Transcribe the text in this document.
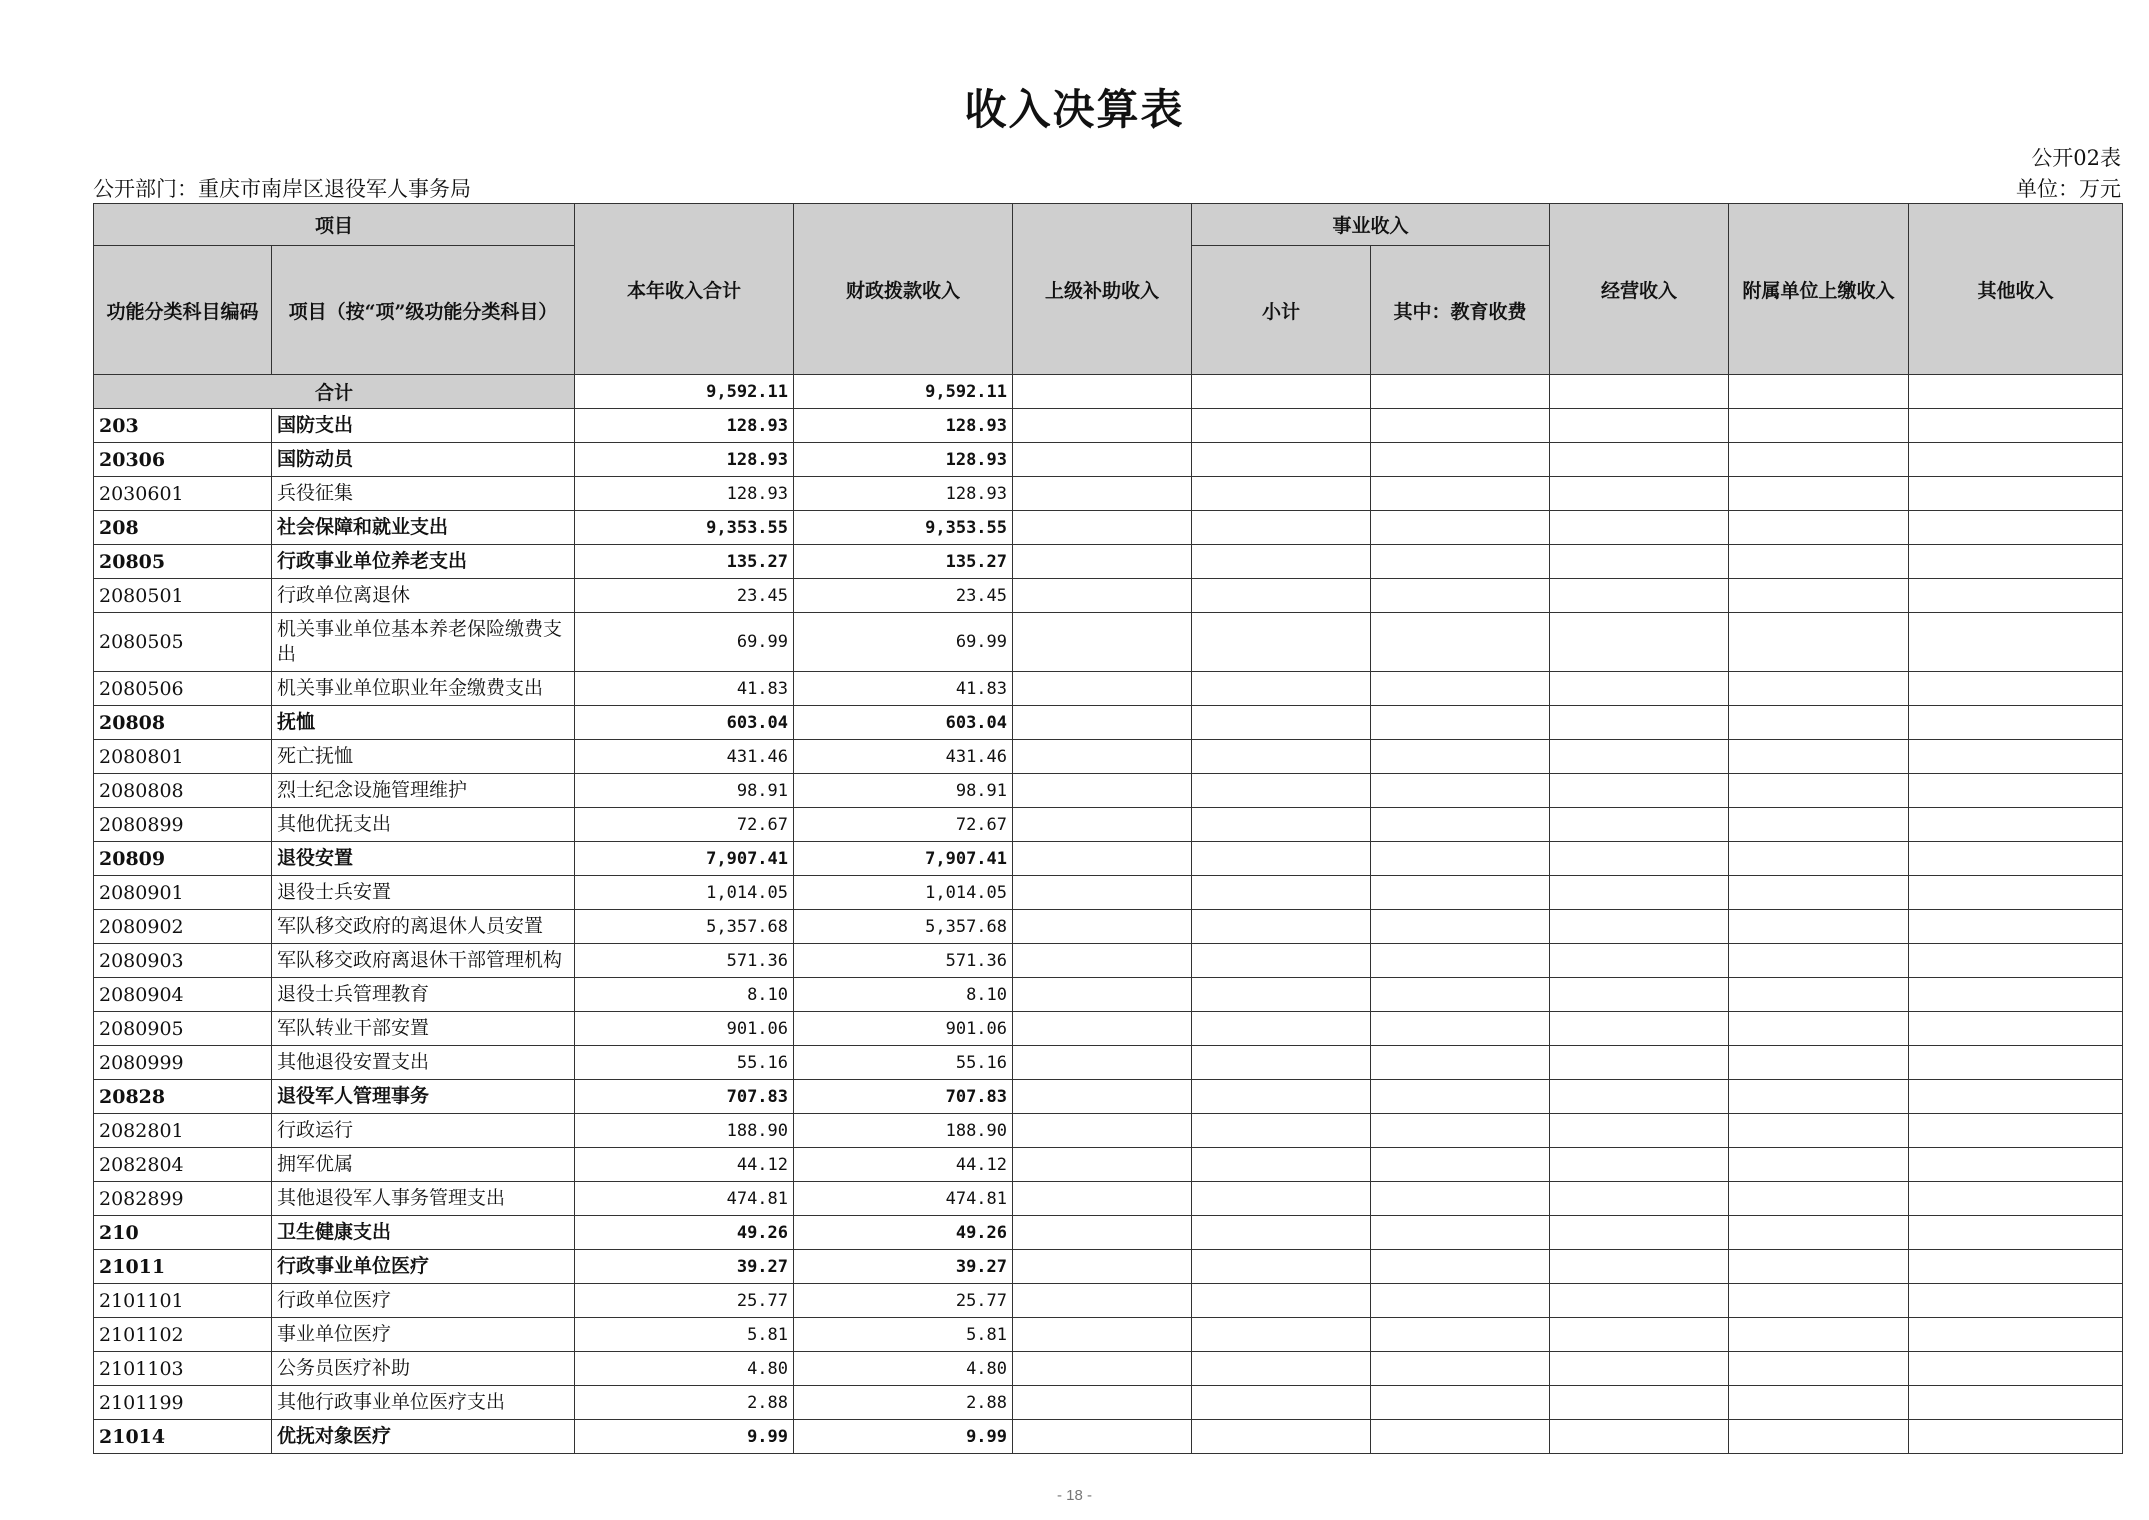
收入决算表
公开02表
公开部门：重庆市南岸区退役军人事务局	单位：万元
项目		本年收入合计	财政拨款收入	上级补助收入	事业收入		经营收入	附属单位上缴收入	其他收入
功能分类科目编码	项目（按“项”级功能分类科目）				小计	其中：教育收费			
合计		9,592.11	9,592.11						
203	国防支出	128.93	128.93						
20306	国防动员	128.93	128.93						
2030601	兵役征集	128.93	128.93						
208	社会保障和就业支出	9,353.55	9,353.55						
20805	行政事业单位养老支出	135.27	135.27						
2080501	行政单位离退休	23.45	23.45						
2080505	机关事业单位基本养老保险缴费支出	69.99	69.99						
2080506	机关事业单位职业年金缴费支出	41.83	41.83						
20808	抚恤	603.04	603.04						
2080801	死亡抚恤	431.46	431.46						
2080808	烈士纪念设施管理维护	98.91	98.91						
2080899	其他优抚支出	72.67	72.67						
20809	退役安置	7,907.41	7,907.41						
2080901	退役士兵安置	1,014.05	1,014.05						
2080902	军队移交政府的离退休人员安置	5,357.68	5,357.68						
2080903	军队移交政府离退休干部管理机构	571.36	571.36						
2080904	退役士兵管理教育	8.10	8.10						
2080905	军队转业干部安置	901.06	901.06						
2080999	其他退役安置支出	55.16	55.16						
20828	退役军人管理事务	707.83	707.83						
2082801	行政运行	188.90	188.90						
2082804	拥军优属	44.12	44.12						
2082899	其他退役军人事务管理支出	474.81	474.81						
210	卫生健康支出	49.26	49.26						
21011	行政事业单位医疗	39.27	39.27						
2101101	行政单位医疗	25.77	25.77						
2101102	事业单位医疗	5.81	5.81						
2101103	公务员医疗补助	4.80	4.80						
2101199	其他行政事业单位医疗支出	2.88	2.88						
21014	优抚对象医疗	9.99	9.99						
- 18 -
